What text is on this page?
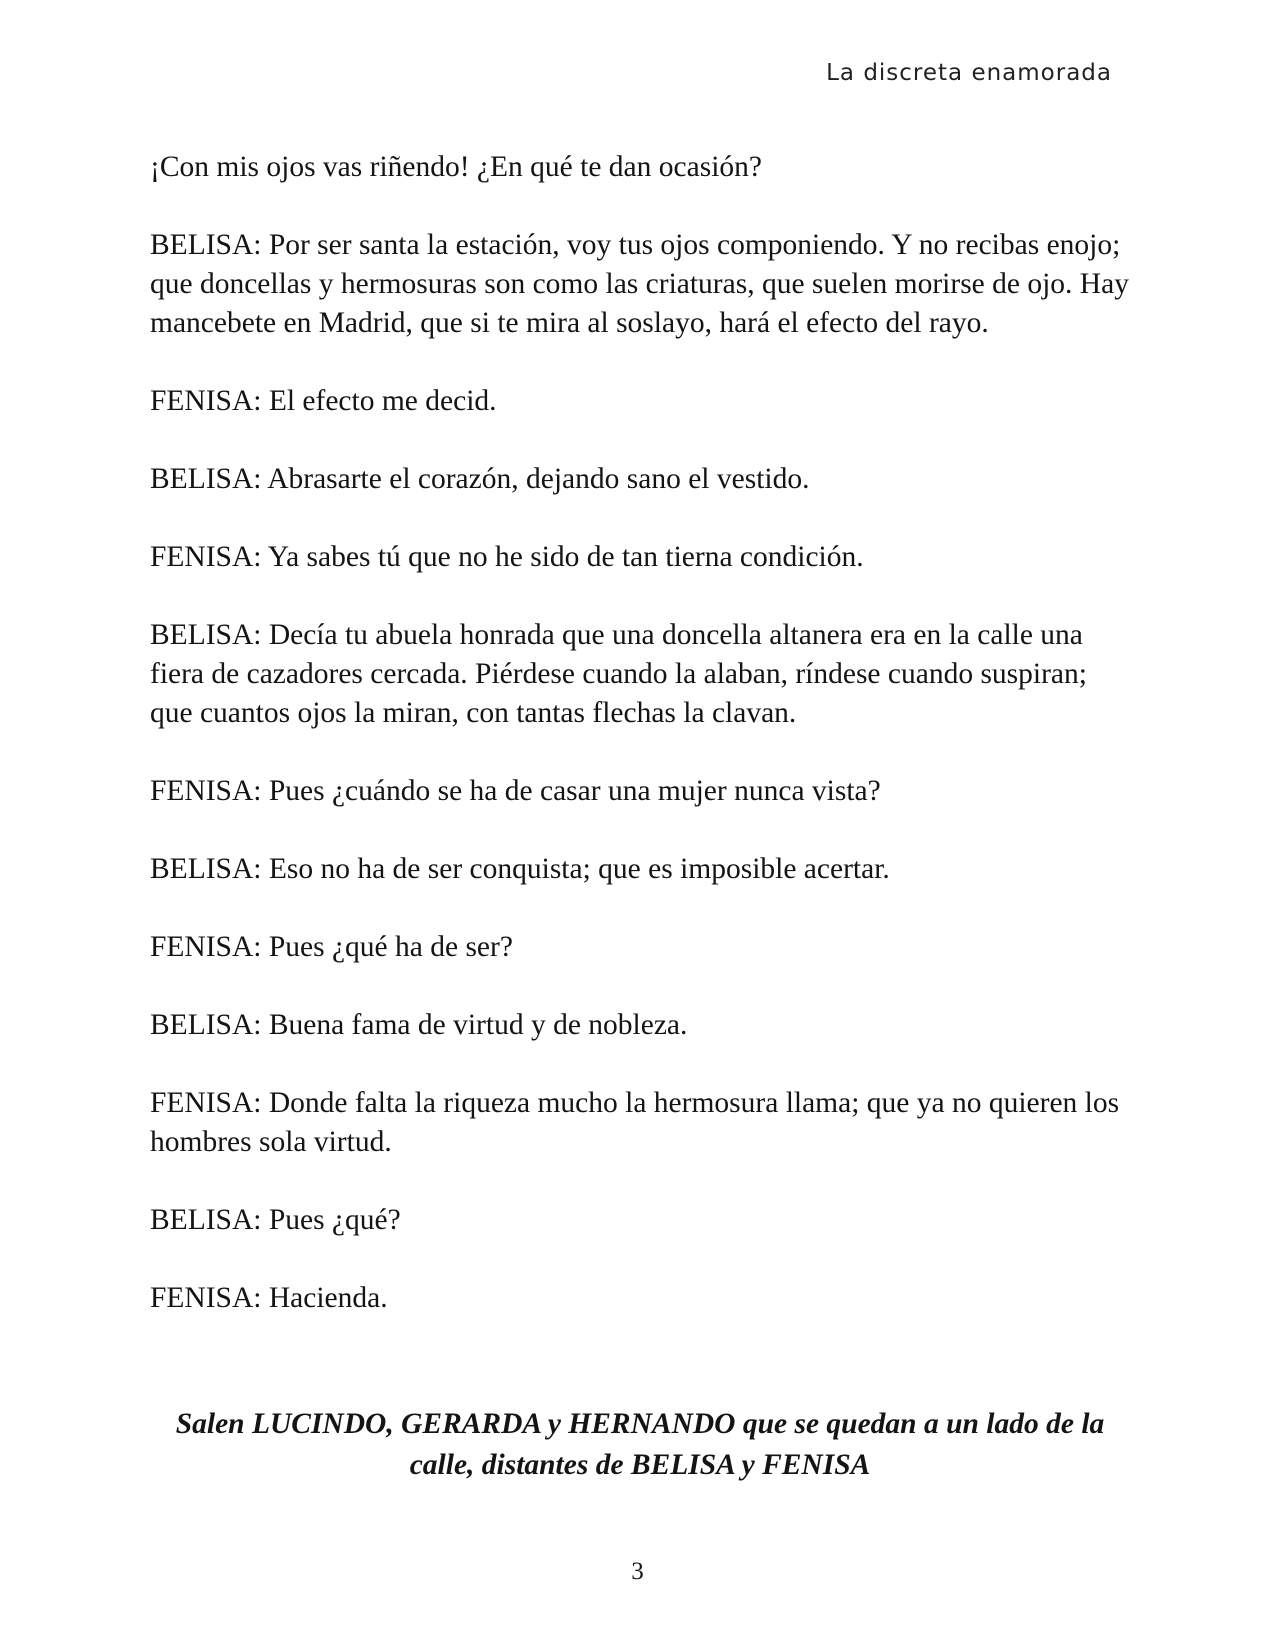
La discreta enamorada

¡Con mis ojos vas riñendo! ¿En qué te dan ocasión?

BELISA: Por ser santa la estación, voy tus ojos componiendo. Y no recibas enojo; que doncellas y hermosuras son como las criaturas, que suelen morirse de ojo. Hay mancebete en Madrid, que si te mira al soslayo, hará el efecto del rayo.

FENISA: El efecto me decid.

BELISA: Abrasarte el corazón, dejando sano el vestido.

FENISA: Ya sabes tú que no he sido de tan tierna condición.

BELISA: Decía tu abuela honrada que una doncella altanera era en la calle una fiera de cazadores cercada. Piérdese cuando la alaban, ríndese cuando suspiran; que cuantos ojos la miran, con tantas flechas la clavan.

FENISA: Pues ¿cuándo se ha de casar una mujer nunca vista?

BELISA: Eso no ha de ser conquista; que es imposible acertar.

FENISA: Pues ¿qué ha de ser?

BELISA: Buena fama de virtud y de nobleza.

FENISA: Donde falta la riqueza mucho la hermosura llama; que ya no quieren los hombres sola virtud.

BELISA: Pues ¿qué?

FENISA: Hacienda.

Salen LUCINDO, GERARDA y HERNANDO que se quedan a un lado de la calle, distantes de BELISA y FENISA
3
